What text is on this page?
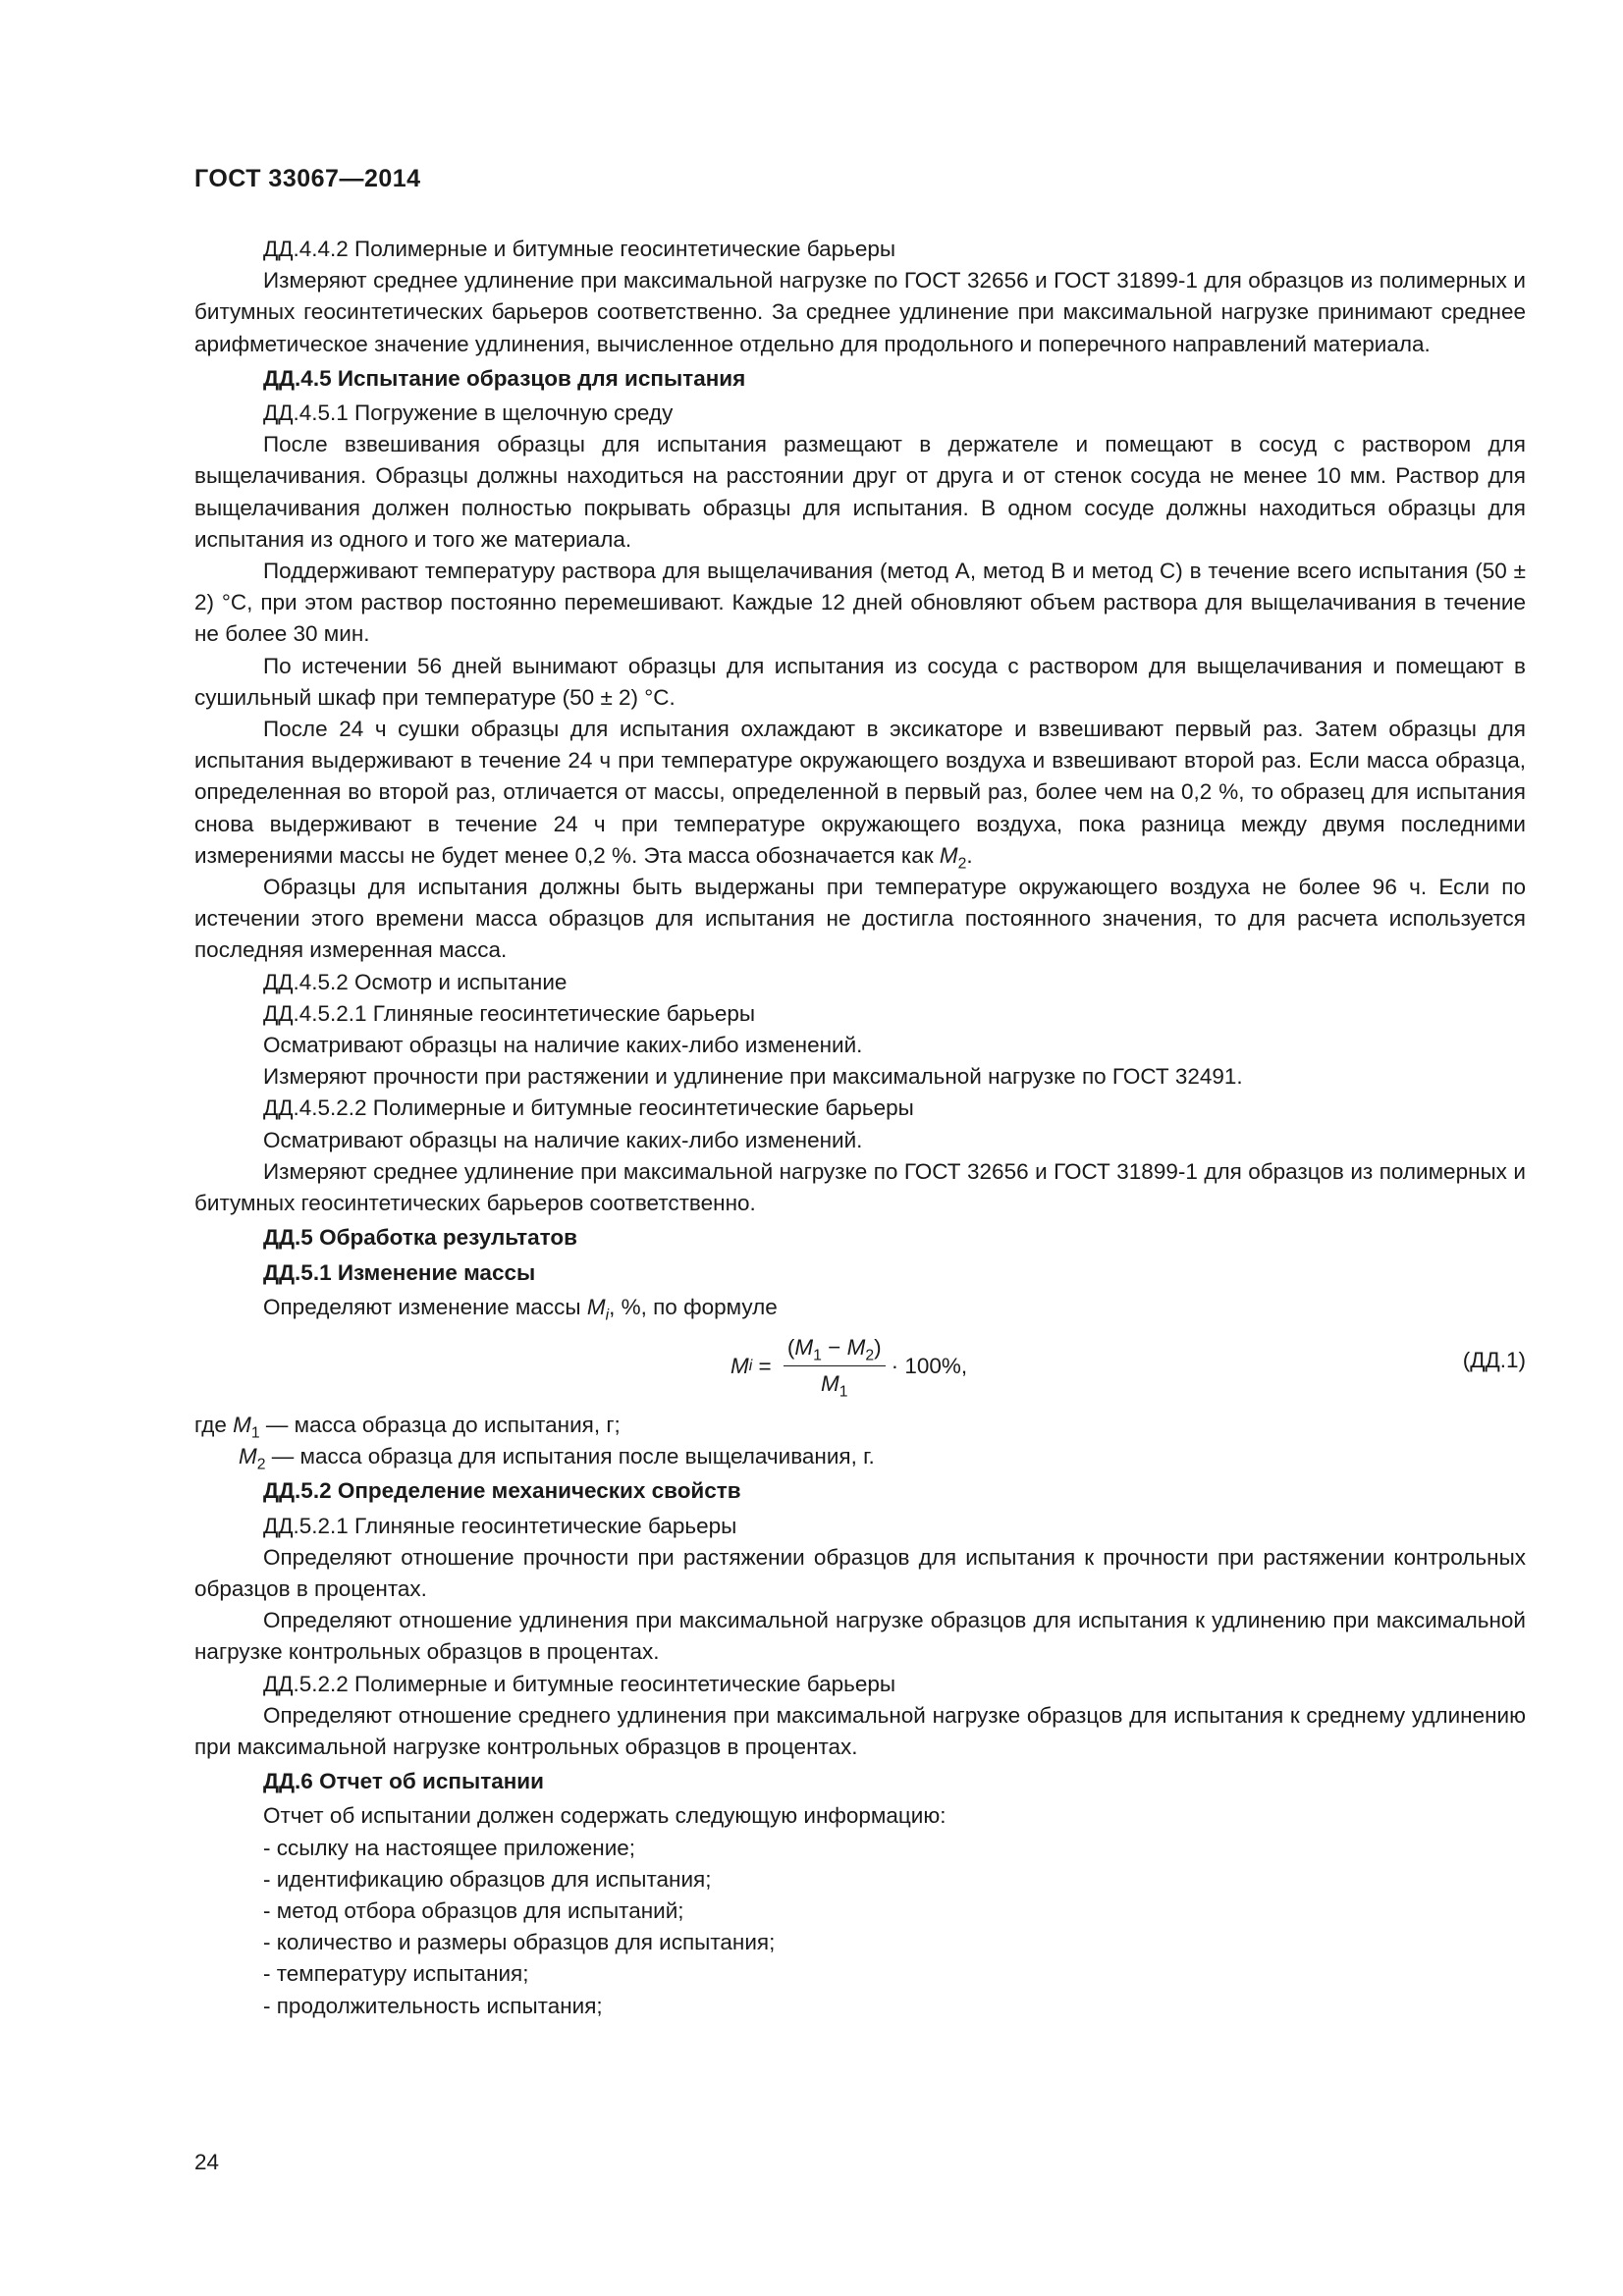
ГОСТ 33067—2014

ДД.4.4.2 Полимерные и битумные геосинтетические барьеры

Измеряют среднее удлинение при максимальной нагрузке по ГОСТ 32656 и ГОСТ 31899-1 для образцов из полимерных и битумных геосинтетических барьеров соответственно. За среднее удлинение при максимальной нагрузке принимают среднее арифметическое значение удлинения, вычисленное отдельно для продольного и поперечного направлений материала.

ДД.4.5 Испытание образцов для испытания

ДД.4.5.1 Погружение в щелочную среду

После взвешивания образцы для испытания размещают в держателе и помещают в сосуд с раствором для выщелачивания. Образцы должны находиться на расстоянии друг от друга и от стенок сосуда не менее 10 мм. Раствор для выщелачивания должен полностью покрывать образцы для испытания. В одном сосуде должны находиться образцы для испытания из одного и того же материала.

Поддерживают температуру раствора для выщелачивания (метод А, метод В и метод С) в течение всего испытания (50 ± 2) °С, при этом раствор постоянно перемешивают. Каждые 12 дней обновляют объем раствора для выщелачивания в течение не более 30 мин.

По истечении 56 дней вынимают образцы для испытания из сосуда с раствором для выщелачивания и помещают в сушильный шкаф при температуре (50 ± 2) °С.

После 24 ч сушки образцы для испытания охлаждают в эксикаторе и взвешивают первый раз. Затем образцы для испытания выдерживают в течение 24 ч при температуре окружающего воздуха и взвешивают второй раз. Если масса образца, определенная во второй раз, отличается от массы, определенной в первый раз, более чем на 0,2 %, то образец для испытания снова выдерживают в течение 24 ч при температуре окружающего воздуха, пока разница между двумя последними измерениями массы не будет менее 0,2 %. Эта масса обозначается как $M_2$.

Образцы для испытания должны быть выдержаны при температуре окружающего воздуха не более 96 ч. Если по истечении этого времени масса образцов для испытания не достигла постоянного значения, то для расчета используется последняя измеренная масса.

ДД.4.5.2 Осмотр и испытание

ДД.4.5.2.1 Глиняные геосинтетические барьеры

Осматривают образцы на наличие каких-либо изменений.

Измеряют прочности при растяжении и удлинение при максимальной нагрузке по ГОСТ 32491.

ДД.4.5.2.2 Полимерные и битумные геосинтетические барьеры

Осматривают образцы на наличие каких-либо изменений.

Измеряют среднее удлинение при максимальной нагрузке по ГОСТ 32656 и ГОСТ 31899-1 для образцов из полимерных и битумных геосинтетических барьеров соответственно.

ДД.5 Обработка результатов

ДД.5.1 Изменение массы

Определяют изменение массы $M_i$, %, по формуле

M $i = \frac{(M_1 - M_2)}{M_1} \cdot 100\%$,	(ДД.1)

где $M_1$ — масса образца до испытания, г;

$M_2$ — масса образца для испытания после выщелачивания, г.

ДД.5.2 Определение механических свойств

ДД.5.2.1 Глиняные геосинтетические барьеры

Определяют отношение прочности при растяжении образцов для испытания к прочности при растяжении контрольных образцов в процентах.

Определяют отношение удлинения при максимальной нагрузке образцов для испытания к удлинению при максимальной нагрузке контрольных образцов в процентах.

ДД.5.2.2 Полимерные и битумные геосинтетические барьеры

Определяют отношение среднего удлинения при максимальной нагрузке образцов для испытания к среднему удлинению при максимальной нагрузке контрольных образцов в процентах.

ДД.6 Отчет об испытании

Отчет об испытании должен содержать следующую информацию:

- ссылку на настоящее приложение;

- идентификацию образцов для испытания;

- метод отбора образцов для испытаний;

- количество и размеры образцов для испытания;

- температуру испытания;

- продолжительность испытания;

24
